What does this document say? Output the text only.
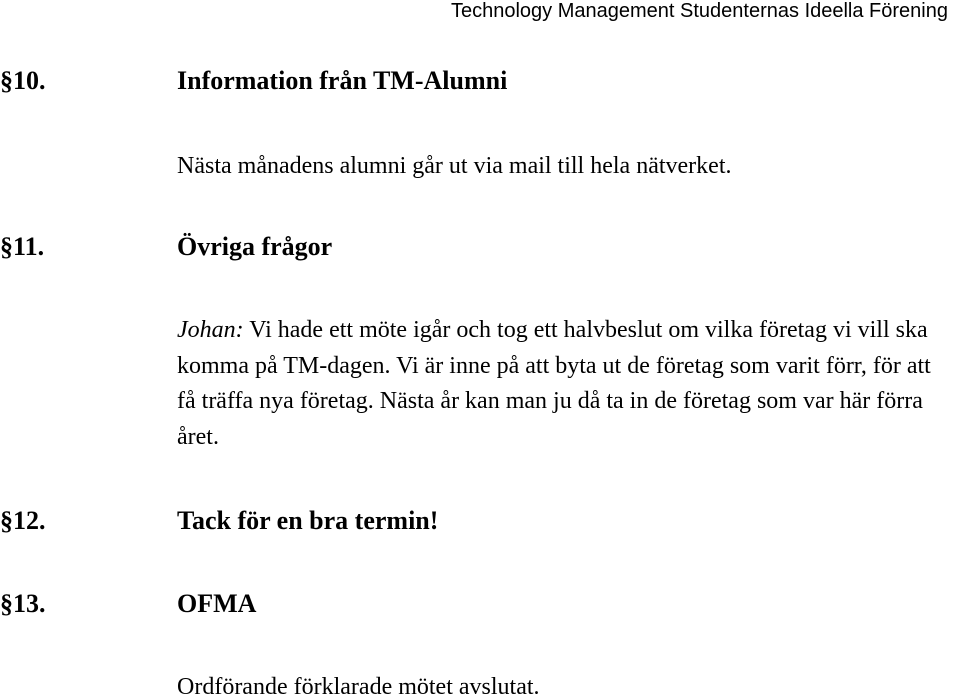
Technology Management Studenternas Ideella Förening
§10.	Information från TM-Alumni
Nästa månadens alumni går ut via mail till hela nätverket.
§11.	Övriga frågor
Johan: Vi hade ett möte igår och tog ett halvbeslut om vilka företag vi vill ska komma på TM-dagen. Vi är inne på att byta ut de företag som varit förr, för att få träffa nya företag. Nästa år kan man ju då ta in de företag som var här förra året.
§12.	Tack för en bra termin!
§13.	OFMA
Ordförande förklarade mötet avslutat.
